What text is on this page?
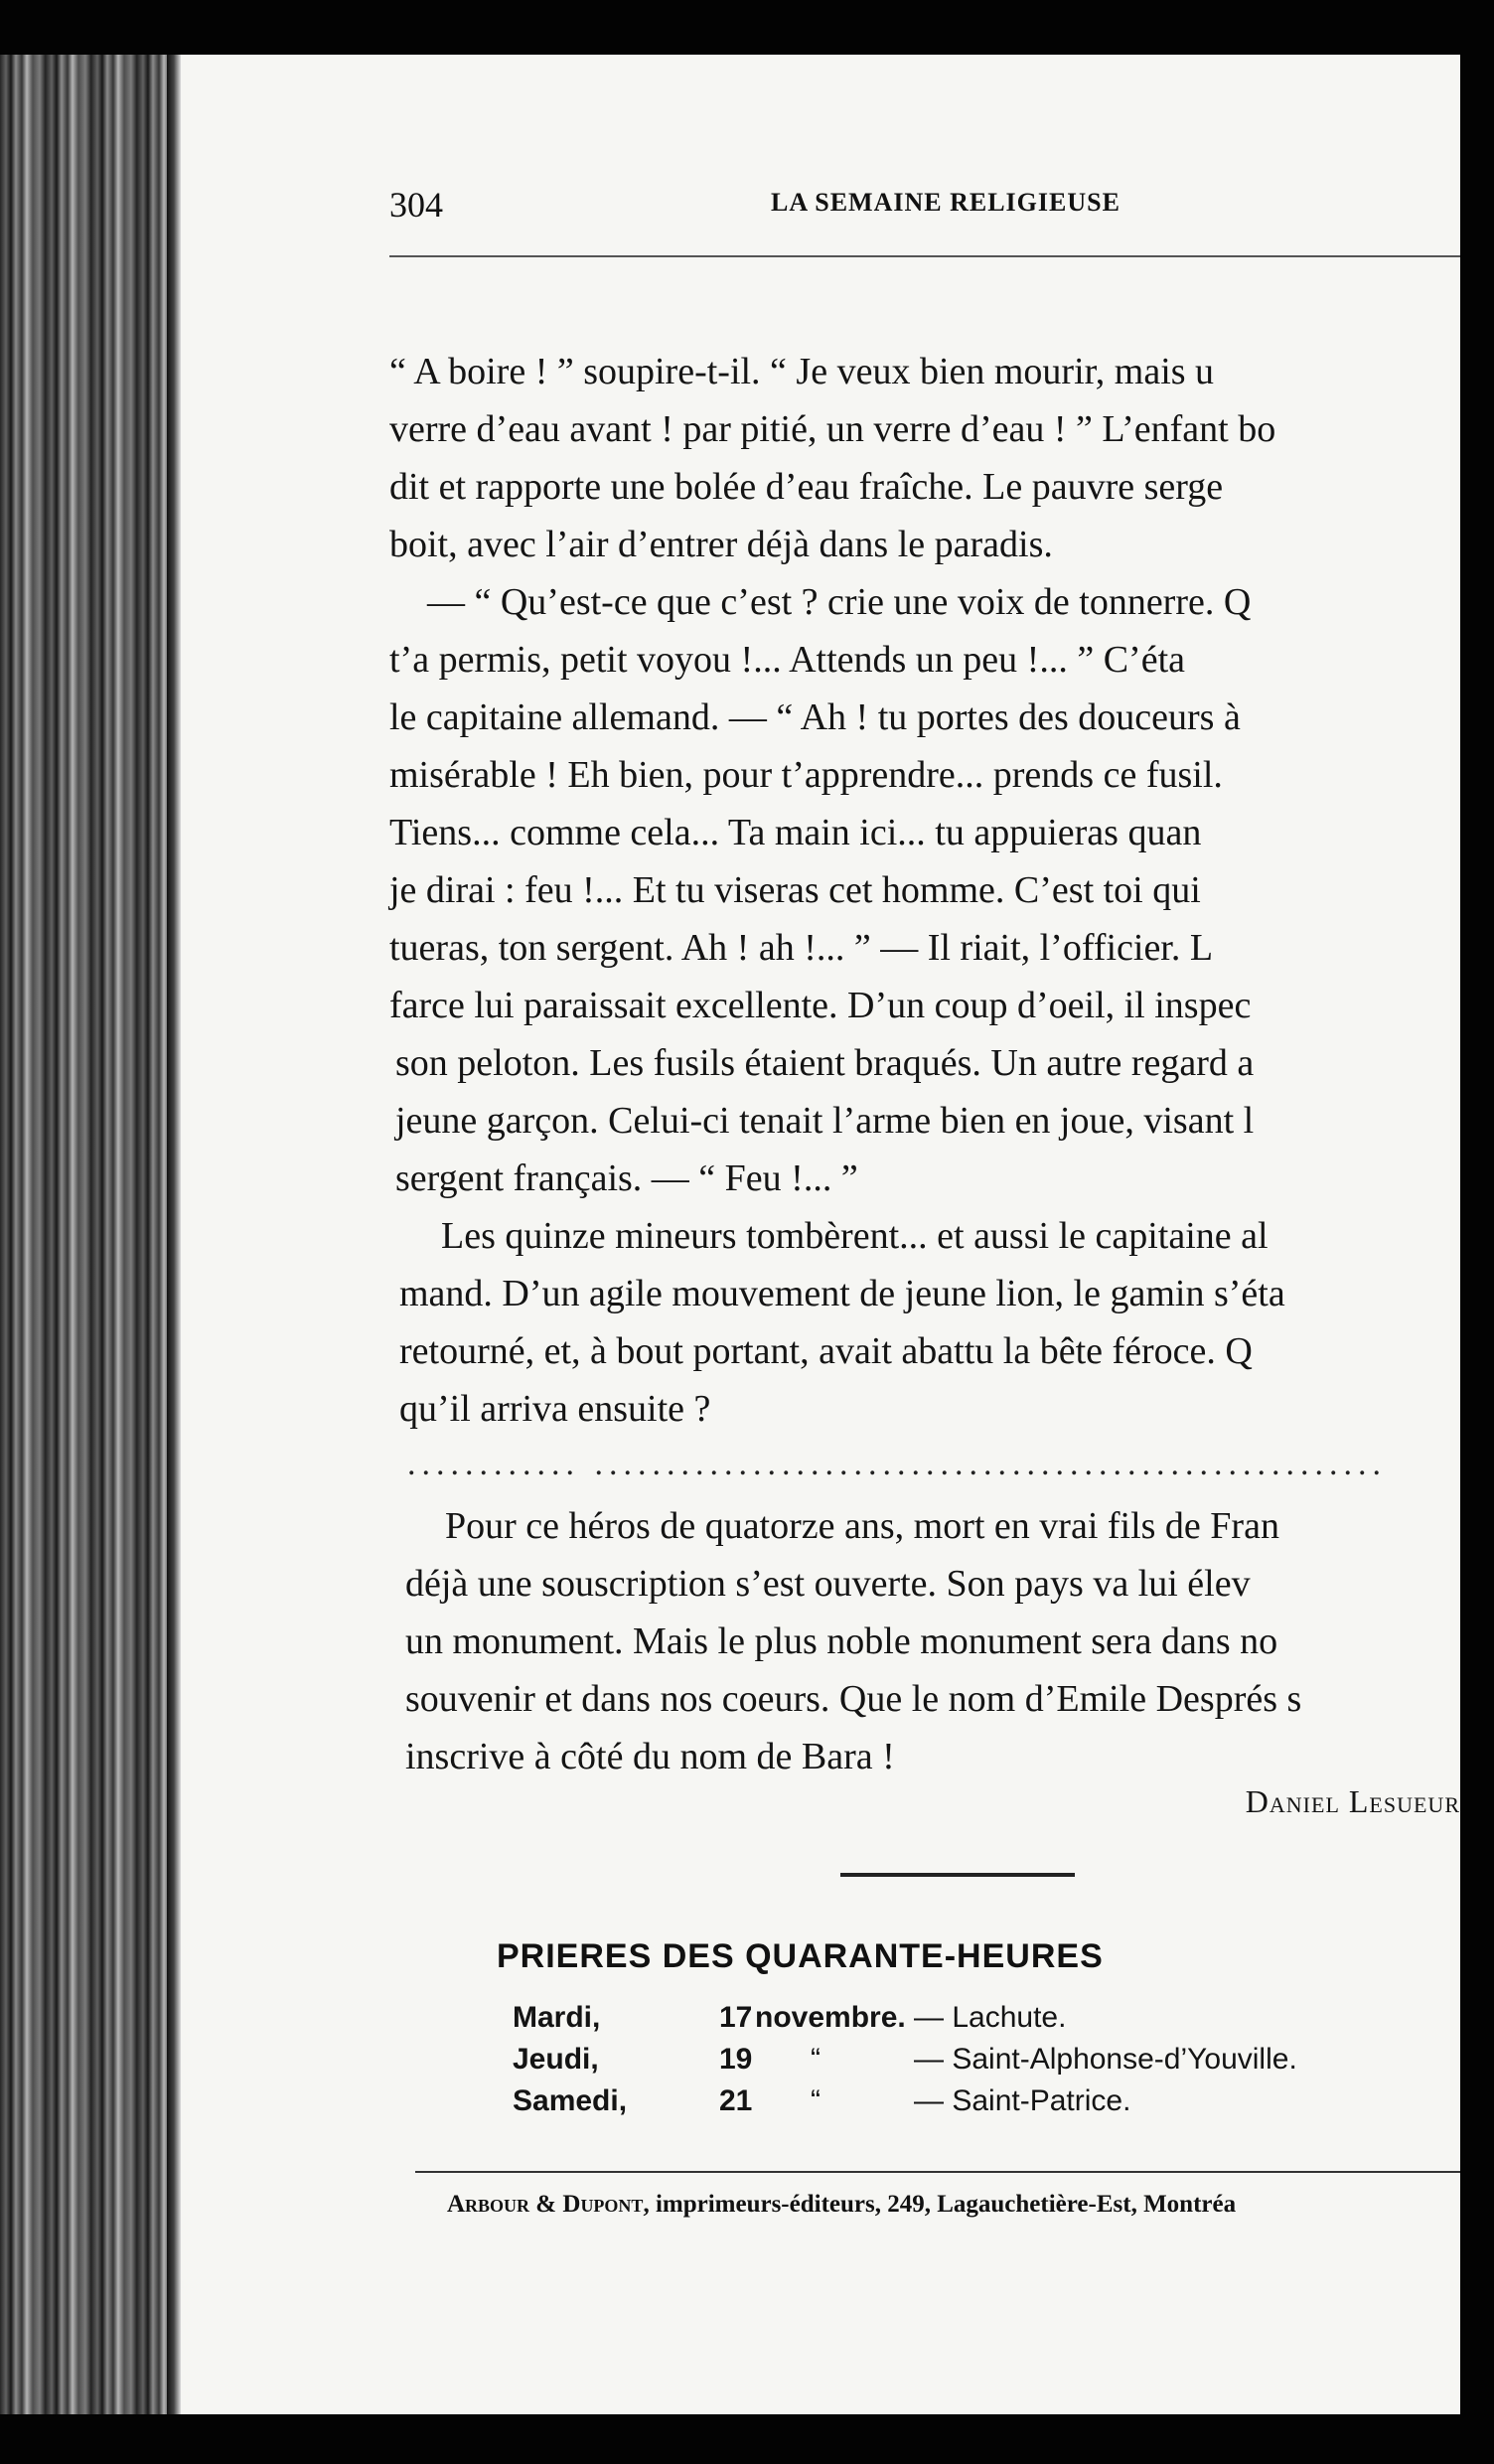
304	LA SEMAINE RELIGIEUSE
“ A boire ! ” soupire-t-il. “ Je veux bien mourir, mais u
verre d’eau avant ! par pitié, un verre d’eau ! ” L’enfant bo
dit et rapporte une bolée d’eau fraîche. Le pauvre serge
boit, avec l’air d’entrer déjà dans le paradis.
— “ Qu’est-ce que c’est ? crie une voix de tonnerre. Q
t’a permis, petit voyou !... Attends un peu !... ” C’éta
le capitaine allemand. — “ Ah ! tu portes des douceurs à
misérable ! Eh bien, pour t’apprendre... prends ce fusil.
Tiens... comme cela... Ta main ici... tu appuieras quan
je dirai : feu !... Et tu viseras cet homme. C’est toi qui
tueras, ton sergent. Ah ! ah !... ” — Il riait, l’officier. L
farce lui paraissait excellente. D’un coup d’oeil, il inspec
son peloton. Les fusils étaient braqués. Un autre regard a
jeune garçon. Celui-ci tenait l’arme bien en joue, visant l
sergent français. — “ Feu !... ”
Les quinze mineurs tombèrent... et aussi le capitaine al
mand. D’un agile mouvement de jeune lion, le gamin s’éta
retourné, et, à bout portant, avait abattu la bête féroce. Q
qu’il arriva ensuite ?
............ .......................................................
Pour ce héros de quatorze ans, mort en vrai fils de Fran
déjà une souscription s’est ouverte. Son pays va lui élev
un monument. Mais le plus noble monument sera dans no
souvenir et dans nos coeurs. Que le nom d’Emile Després s
inscrive à côté du nom de Bara !
Daniel Lesueur
PRIERES DES QUARANTE-HEURES
Mardi,	17 novembre. — Lachute.
Jeudi,	19 “	— Saint-Alphonse-d’Youville.
Samedi,	21 “	— Saint-Patrice.
Arbour & Dupont, imprimeurs-éditeurs, 249, Lagauchetière-Est, Montréa
